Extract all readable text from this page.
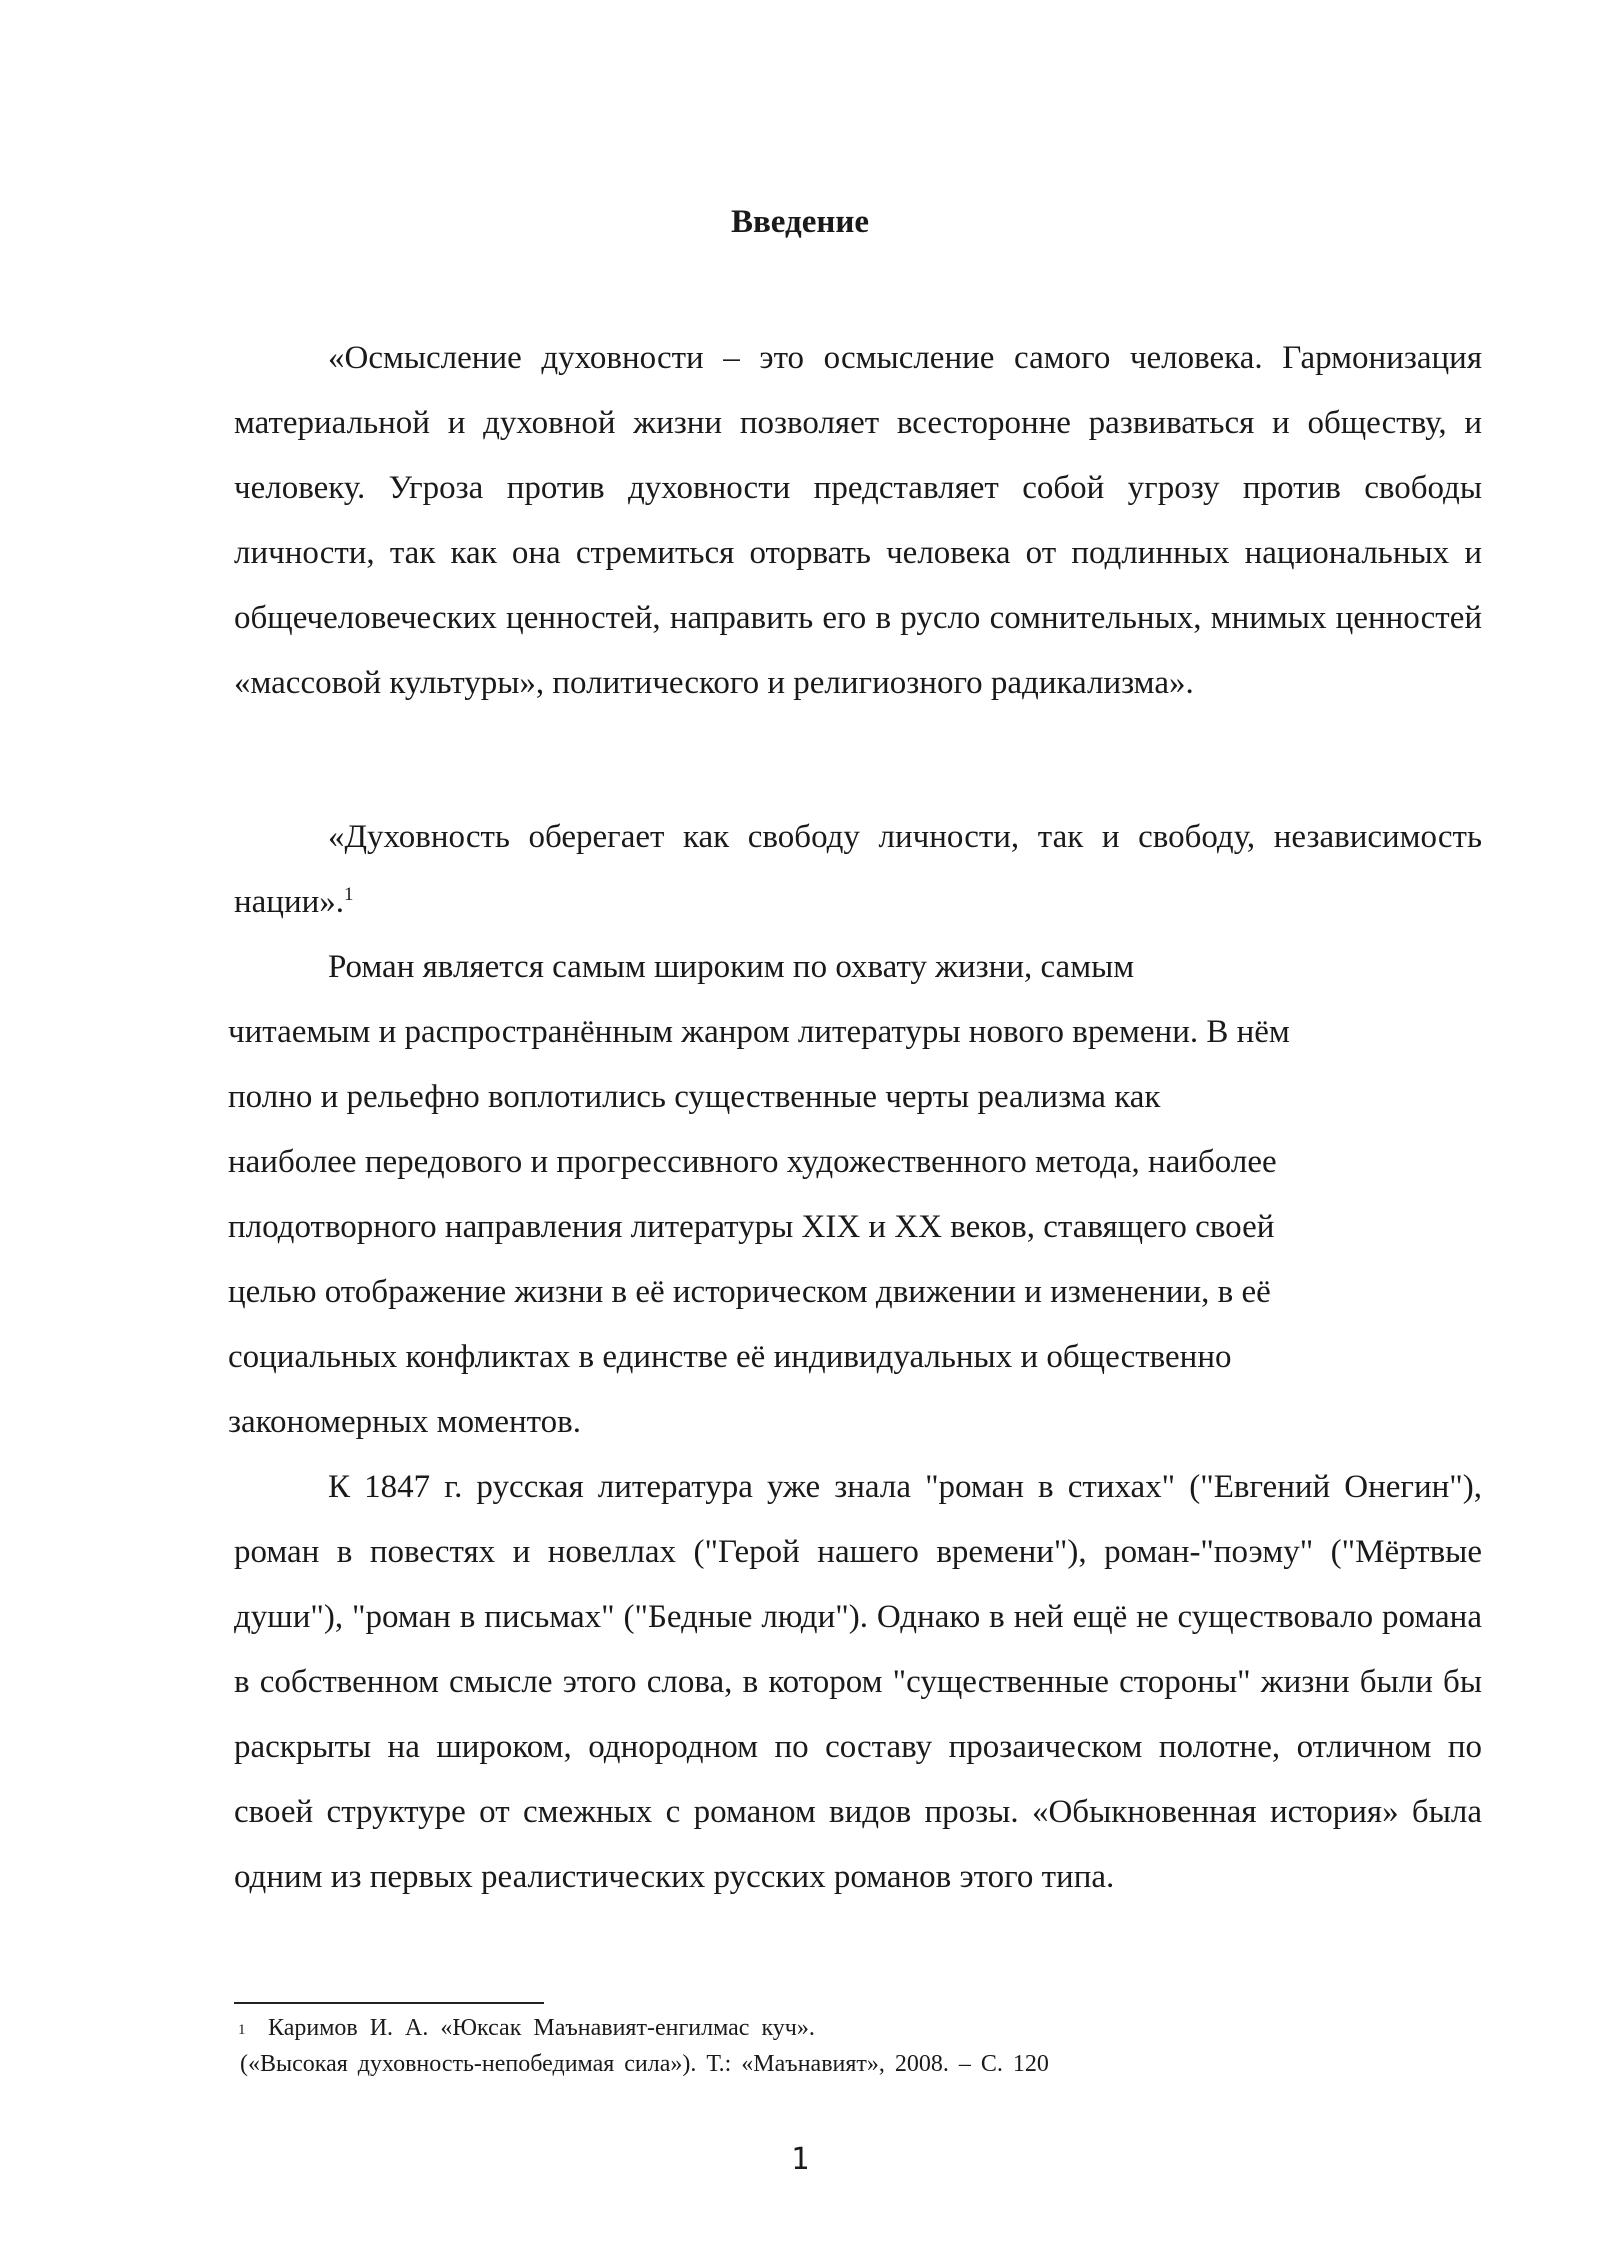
Введение

«Осмысление духовности – это осмысление самого человека. Гармонизация материальной и духовной жизни позволяет всесторонне развиваться и обществу, и человеку. Угроза против духовности представляет собой угрозу против свободы личности, так как она стремиться оторвать человека от подлинных национальных и общечеловеческих ценностей, направить его в русло сомнительных, мнимых ценностей «массовой культуры», политического и религиозного радикализма».

«Духовность оберегает как свободу личности, так и свободу, независимость нации».$^1$

Роман является самым широким по охвату жизни, самым
читаемым и распространённым жанром литературы нового времени. В нём
полно и рельефно воплотились существенные черты реализма как
наиболее передового и прогрессивного художественного метода, наиболее
плодотворного направления литературы XIX и XX веков, ставящего своей
целью отображение жизни в её историческом движении и изменении, в её
социальных конфликтах в единстве её индивидуальных и общественно
закономерных моментов.

К 1847 г. русская литература уже знала "роман в стихах" ("Евгений Онегин"), роман в повестях и новеллах ("Герой нашего времени"), роман-"поэму" ("Мёртвые души"), "роман в письмах" ("Бедные люди"). Однако в ней ещё не существовало романа в собственном смысле этого слова, в котором "существенные стороны" жизни были бы раскрыты на широком, однородном по составу прозаическом полотне, отличном по своей структуре от смежных с романом видов прозы. «Обыкновенная история» была одним из первых реалистических русских романов этого типа.

1 Каримов И. А. «Юксак Маънавият-енгилмас куч».
(«Высокая духовность-непобедимая сила»). Т.: «Маънавият», 2008. – С. 120
1
